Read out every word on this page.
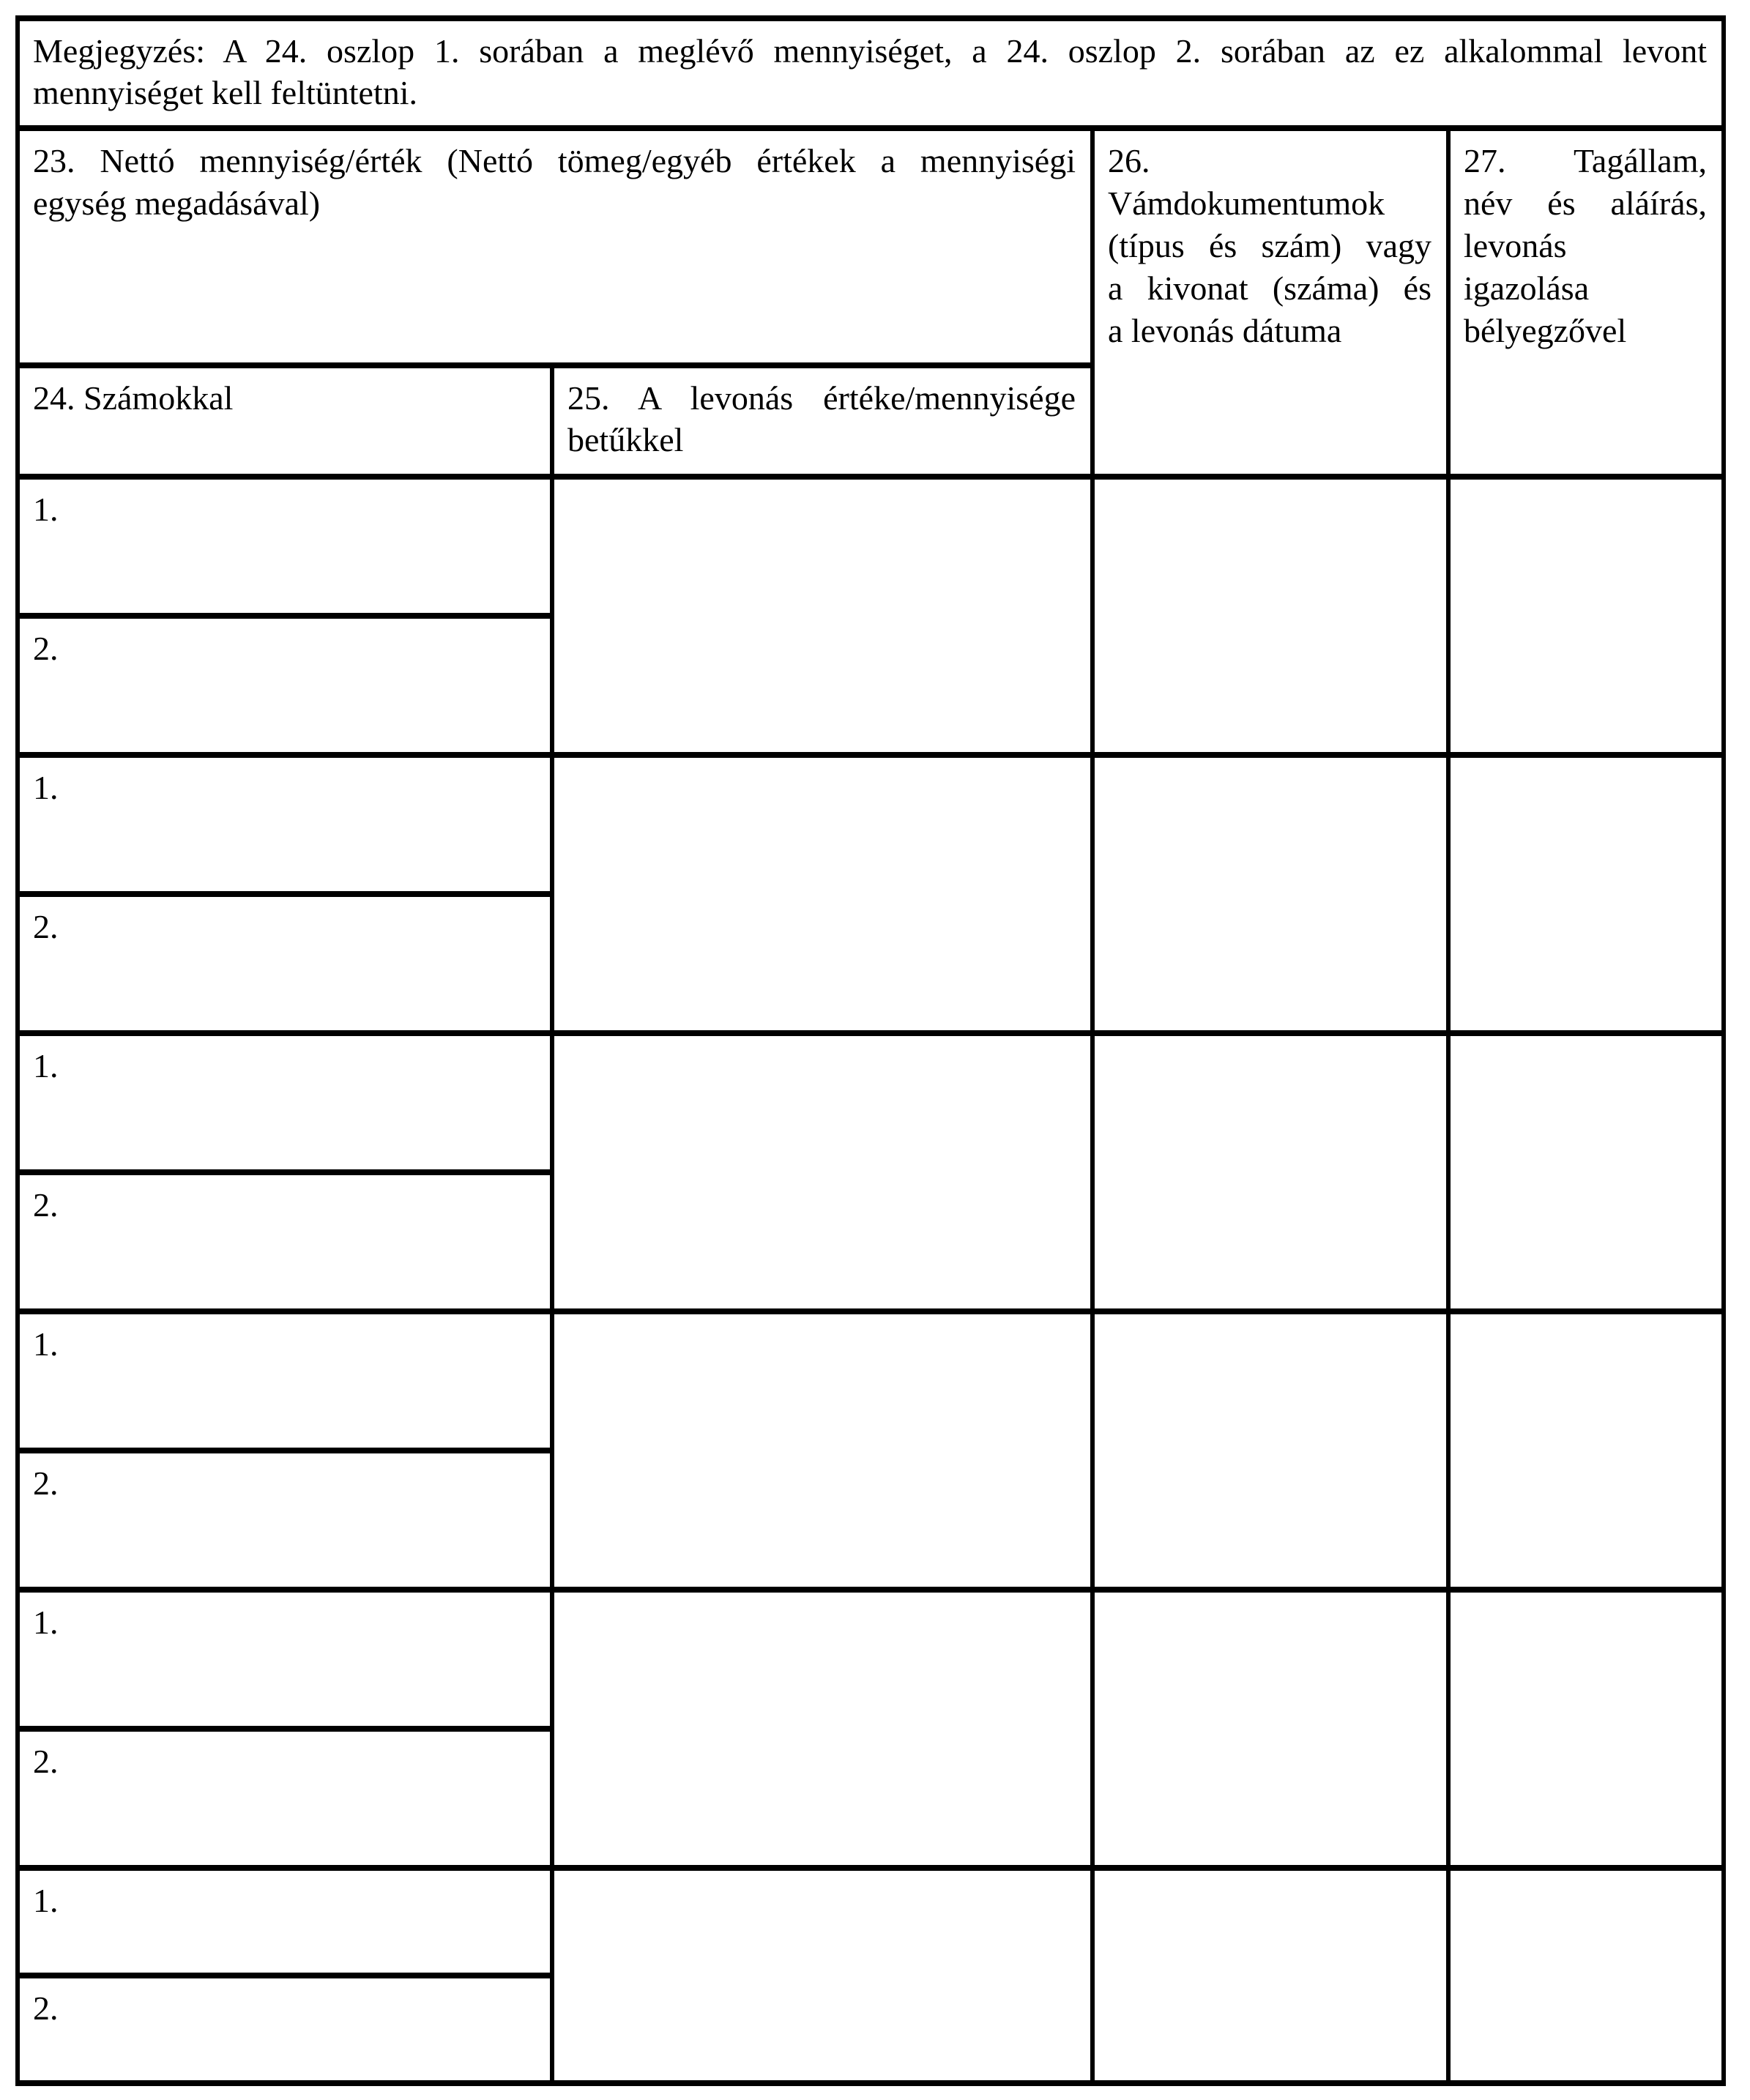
Megjegyzés: A 24. oszlop 1. sorában a meglévő mennyiséget, a 24. oszlop 2. sorában az ez alkalommal levont
mennyiséget kell feltüntetni.			

23. Nettó mennyiség/érték (Nettó tömeg/egyéb értékek a mennyiségi
egység megadásával)

26.
Vámdokumentumok
(típus és szám) vagy
a kivonat (száma) és
a levonás dátuma

27. Tagállam,
név és aláírás,
levonás
igazolása
bélyegzővel

24. Számokkal	25. A levonás értéke/mennyisége
betűkkel		

1.			

2.			

1.			

2.			

1.			

2.			

1.			

2.			

1.			

2.			

1.			

2.			
